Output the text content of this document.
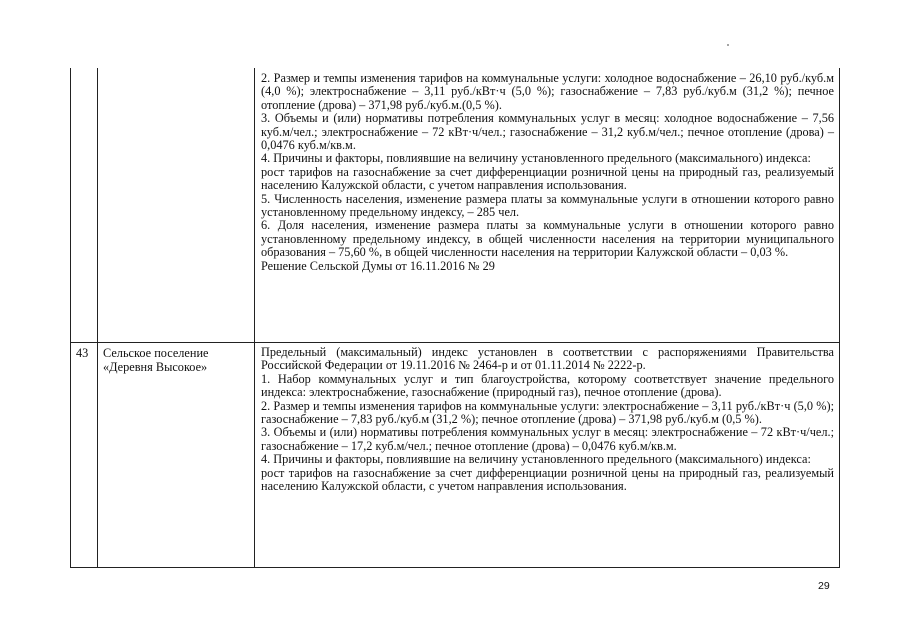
2. Размер и темпы изменения тарифов на коммунальные услуги: холодное водоснабжение – 26,10 руб./куб.м (4,0 %); электроснабжение – 3,11 руб./кВт·ч (5,0 %); газоснабжение – 7,83 руб./куб.м (31,2 %); печное отопление (дрова) – 371,98 руб./куб.м.(0,5 %).

3. Объемы и (или) нормативы потребления коммунальных услуг в месяц: холодное водоснабжение – 7,56 куб.м/чел.; электроснабжение – 72 кВт·ч/чел.; газоснабжение – 31,2 куб.м/чел.; печное отопление (дрова) – 0,0476 куб.м/кв.м.

4. Причины и факторы, повлиявшие на величину установленного предельного (максимального) индекса:

рост тарифов на газоснабжение за счет дифференциации розничной цены на природный газ, реализуемый населению Калужской области, с учетом направления использования.

5. Численность населения, изменение размера платы за коммунальные услуги в отношении которого равно установленному предельному индексу, – 285 чел.

6. Доля населения, изменение размера платы за коммунальные услуги в отношении которого равно установленному предельному индексу, в общей численности населения на территории муниципального образования – 75,60 %, в общей численности населения на территории Калужской области – 0,03 %.

Решение Сельской Думы от 16.11.2016 № 29

43 Сельское поселение

«Деревня Высокое»

Предельный (максимальный) индекс установлен в соответствии с распоряжениями Правительства Российской Федерации от 19.11.2016 № 2464-р и от 01.11.2014 № 2222-р.

1. Набор коммунальных услуг и тип благоустройства, которому соответствует значение предельного индекса: электроснабжение, газоснабжение (природный газ), печное отопление (дрова).

2. Размер и темпы изменения тарифов на коммунальные услуги: электроснабжение – 3,11 руб./кВт·ч (5,0 %); газоснабжение – 7,83 руб./куб.м (31,2 %); печное отопление (дрова) – 371,98 руб./куб.м (0,5 %).

3. Объемы и (или) нормативы потребления коммунальных услуг в месяц: электроснабжение – 72 кВт·ч/чел.; газоснабжение – 17,2 куб.м/чел.; печное отопление (дрова) – 0,0476 куб.м/кв.м.

4. Причины и факторы, повлиявшие на величину установленного предельного (максимального) индекса:

рост тарифов на газоснабжение за счет дифференциации розничной цены на природный газ, реализуемый населению Калужской области, с учетом направления использования.

29
